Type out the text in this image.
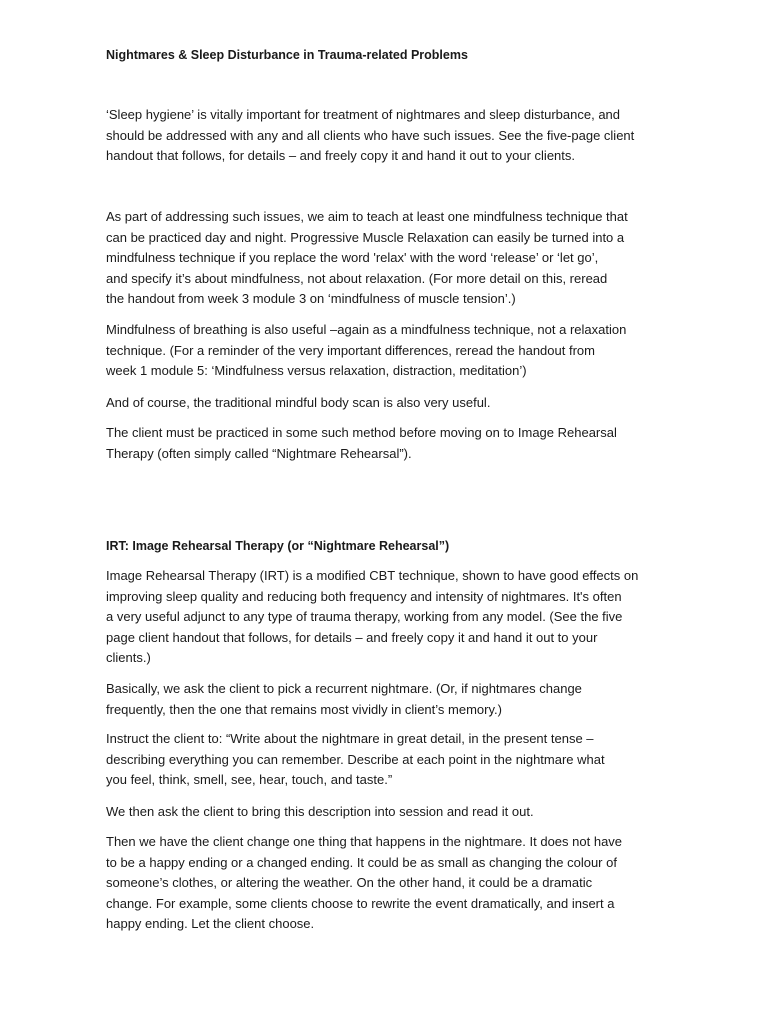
Nightmares & Sleep Disturbance in Trauma-related Problems
‘Sleep hygiene’ is vitally important for treatment of nightmares and sleep disturbance, and
should be addressed with any and all clients who have such issues. See the five-page client
handout that follows, for details – and freely copy it and hand it out to your clients.
As part of addressing such issues, we aim to teach at least one mindfulness technique that
can be practiced day and night. Progressive Muscle Relaxation can easily be turned into a
mindfulness technique if you replace the word 'relax' with the word ‘release’ or ‘let go’,
and specify it’s about mindfulness, not about relaxation. (For more detail on this, reread
the handout from week 3 module 3 on ‘mindfulness of muscle tension’.)
Mindfulness of breathing is also useful –again as a mindfulness technique, not a relaxation
technique. (For a reminder of the very important differences, reread the handout from
week 1 module 5: ‘Mindfulness versus relaxation, distraction, meditation’)
And of course, the traditional mindful body scan is also very useful.
The client must be practiced in some such method before moving on to Image Rehearsal
Therapy (often simply called “Nightmare Rehearsal”).
IRT: Image Rehearsal Therapy (or “Nightmare Rehearsal”)
Image Rehearsal Therapy (IRT) is a modified CBT technique, shown to have good effects on
improving sleep quality and reducing both frequency and intensity of nightmares. It's often
a very useful adjunct to any type of trauma therapy, working from any model. (See the five
page client handout that follows, for details – and freely copy it and hand it out to your
clients.)
Basically, we ask the client to pick a recurrent nightmare. (Or, if nightmares change
frequently, then the one that remains most vividly in client’s memory.)
Instruct the client to: “Write about the nightmare in great detail, in the present tense –
describing everything you can remember. Describe at each point in the nightmare what
you feel, think, smell, see, hear, touch, and taste.”
We then ask the client to bring this description into session and read it out.
Then we have the client change one thing that happens in the nightmare. It does not have
to be a happy ending or a changed ending. It could be as small as changing the colour of
someone’s clothes, or altering the weather. On the other hand, it could be a dramatic
change. For example, some clients choose to rewrite the event dramatically, and insert a
happy ending. Let the client choose.
